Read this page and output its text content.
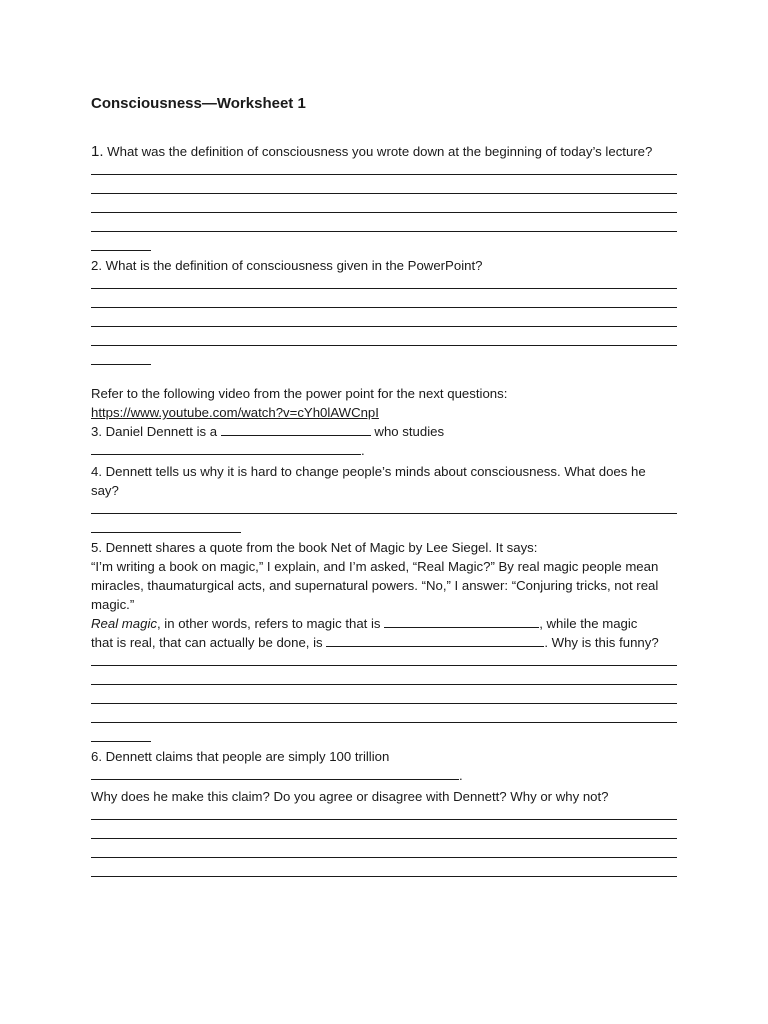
Consciousness—Worksheet 1

1. What was the definition of consciousness you wrote down at the beginning of today’s lecture?

2. What is the definition of consciousness given in the PowerPoint?

Refer to the following video from the power point for the next questions:

https://www.youtube.com/watch?v=cYh0lAWCnpI

3. Daniel Dennett is a	who studies

.

4. Dennett tells us why it is hard to change people’s minds about consciousness. What does he say?

5. Dennett shares a quote from the book Net of Magic by Lee Siegel. It says:

“I’m writing a book on magic,” I explain, and I’m asked, “Real Magic?” By real magic people mean miracles, thaumaturgical acts, and supernatural powers. “No,” I answer: “Conjuring tricks, not real magic.”

Real magic, in other words, refers to magic that is	, while the magic

that is real, that can actually be done, is	. Why is this funny?

6. Dennett claims that people are simply 100 trillion

.

Why does he make this claim? Do you agree or disagree with Dennett? Why or why not?
